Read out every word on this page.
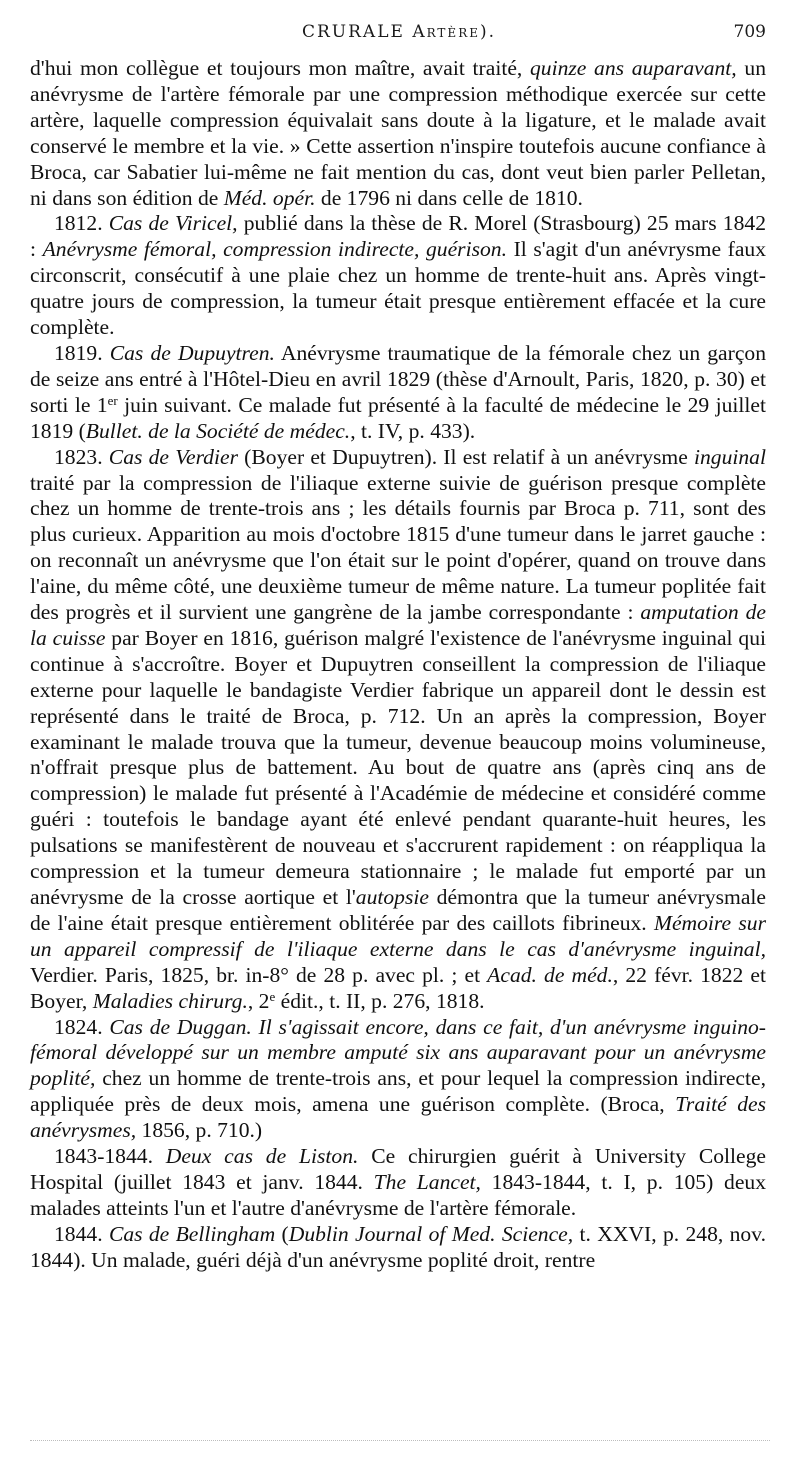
CRURALE Artère).	709

d'hui mon collègue et toujours mon maître, avait traité, quinze ans auparavant, un anévrysme de l'artère fémorale par une compression méthodique exercée sur cette artère, laquelle compression équivalait sans doute à la ligature, et le malade avait conservé le membre et la vie. » Cette assertion n'inspire toutefois aucune confiance à Broca, car Sabatier lui-même ne fait mention du cas, dont veut bien parler Pelletan, ni dans son édition de Méd. opér. de 1796 ni dans celle de 1810.

1812. Cas de Viricel, publié dans la thèse de R. Morel (Strasbourg) 25 mars 1842 : Anévrysme fémoral, compression indirecte, guérison. Il s'agit d'un anévrysme faux circonscrit, consécutif à une plaie chez un homme de trente-huit ans. Après vingt-quatre jours de compression, la tumeur était presque entièrement effacée et la cure complète.

1819. Cas de Dupuytren. Anévrysme traumatique de la fémorale chez un garçon de seize ans entré à l'Hôtel-Dieu en avril 1829 (thèse d'Arnoult, Paris, 1820, p. 30) et sorti le 1er juin suivant. Ce malade fut présenté à la faculté de médecine le 29 juillet 1819 (Bullet. de la Société de médec., t. IV, p. 433).

1823. Cas de Verdier (Boyer et Dupuytren). Il est relatif à un anévrysme inguinal traité par la compression de l'iliaque externe suivie de guérison presque complète chez un homme de trente-trois ans ; les détails fournis par Broca p. 711, sont des plus curieux. Apparition au mois d'octobre 1815 d'une tumeur dans le jarret gauche : on reconnaît un anévrysme que l'on était sur le point d'opérer, quand on trouve dans l'aine, du même côté, une deuxième tumeur de même nature. La tumeur poplitée fait des progrès et il survient une gangrène de la jambe correspondante : amputation de la cuisse par Boyer en 1816, guérison malgré l'existence de l'anévrysme inguinal qui continue à s'accroître. Boyer et Dupuytren conseillent la compression de l'iliaque externe pour laquelle le bandagiste Verdier fabrique un appareil dont le dessin est représenté dans le traité de Broca, p. 712. Un an après la compression, Boyer examinant le malade trouva que la tumeur, devenue beaucoup moins volumineuse, n'offrait presque plus de battement. Au bout de quatre ans (après cinq ans de compression) le malade fut présenté à l'Académie de médecine et considéré comme guéri : toutefois le bandage ayant été enlevé pendant quarante-huit heures, les pulsations se manifestèrent de nouveau et s'accrurent rapidement : on réappliqua la compression et la tumeur demeura stationnaire ; le malade fut emporté par un anévrysme de la crosse aortique et l'autopsie démontra que la tumeur anévrysmale de l'aine était presque entièrement oblitérée par des caillots fibrineux. Mémoire sur un appareil compressif de l'iliaque externe dans le cas d'anévrysme inguinal, Verdier. Paris, 1825, br. in-8° de 28 p. avec pl. ; et Acad. de méd., 22 févr. 1822 et Boyer, Maladies chirurg., 2e édit., t. II, p. 276, 1818.

1824. Cas de Duggan. Il s'agissait encore, dans ce fait, d'un anévrysme inguino-fémoral développé sur un membre amputé six ans auparavant pour un anévrysme poplité, chez un homme de trente-trois ans, et pour lequel la compression indirecte, appliquée près de deux mois, amena une guérison complète. (Broca, Traité des anévrysmes, 1856, p. 710.)

1843-1844. Deux cas de Liston. Ce chirurgien guérit à University College Hospital (juillet 1843 et janv. 1844. The Lancet, 1843-1844, t. I, p. 105) deux malades atteints l'un et l'autre d'anévrysme de l'artère fémorale.

1844. Cas de Bellingham (Dublin Journal of Med. Science, t. XXVI, p. 248, nov. 1844). Un malade, guéri déjà d'un anévrysme poplité droit, rentre
